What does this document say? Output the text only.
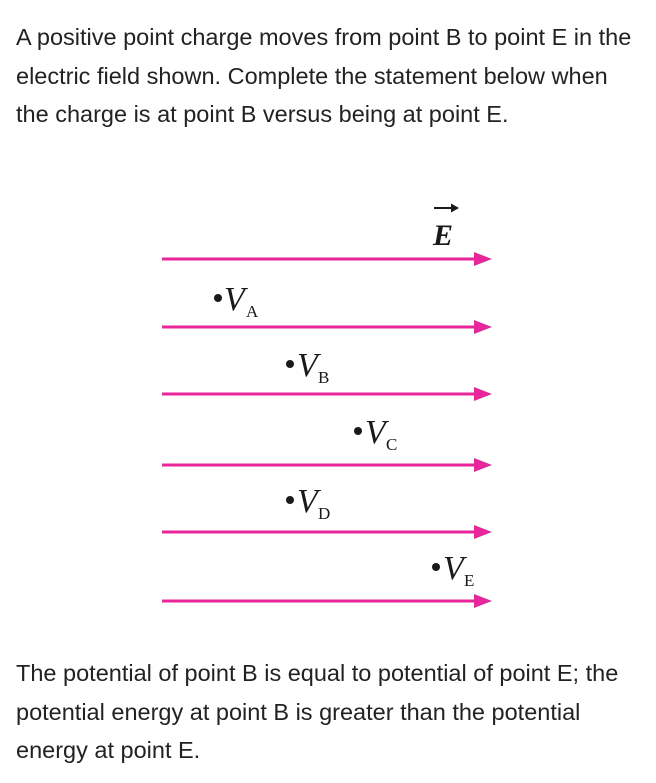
A positive point charge moves from point B to point E in the electric field shown. Complete the statement below when the charge is at point B versus being at point E.

E
V A
V B
V C
V D
V E

The potential of point B is equal to potential of point E; the potential energy at point B is greater than the potential energy at point E.
